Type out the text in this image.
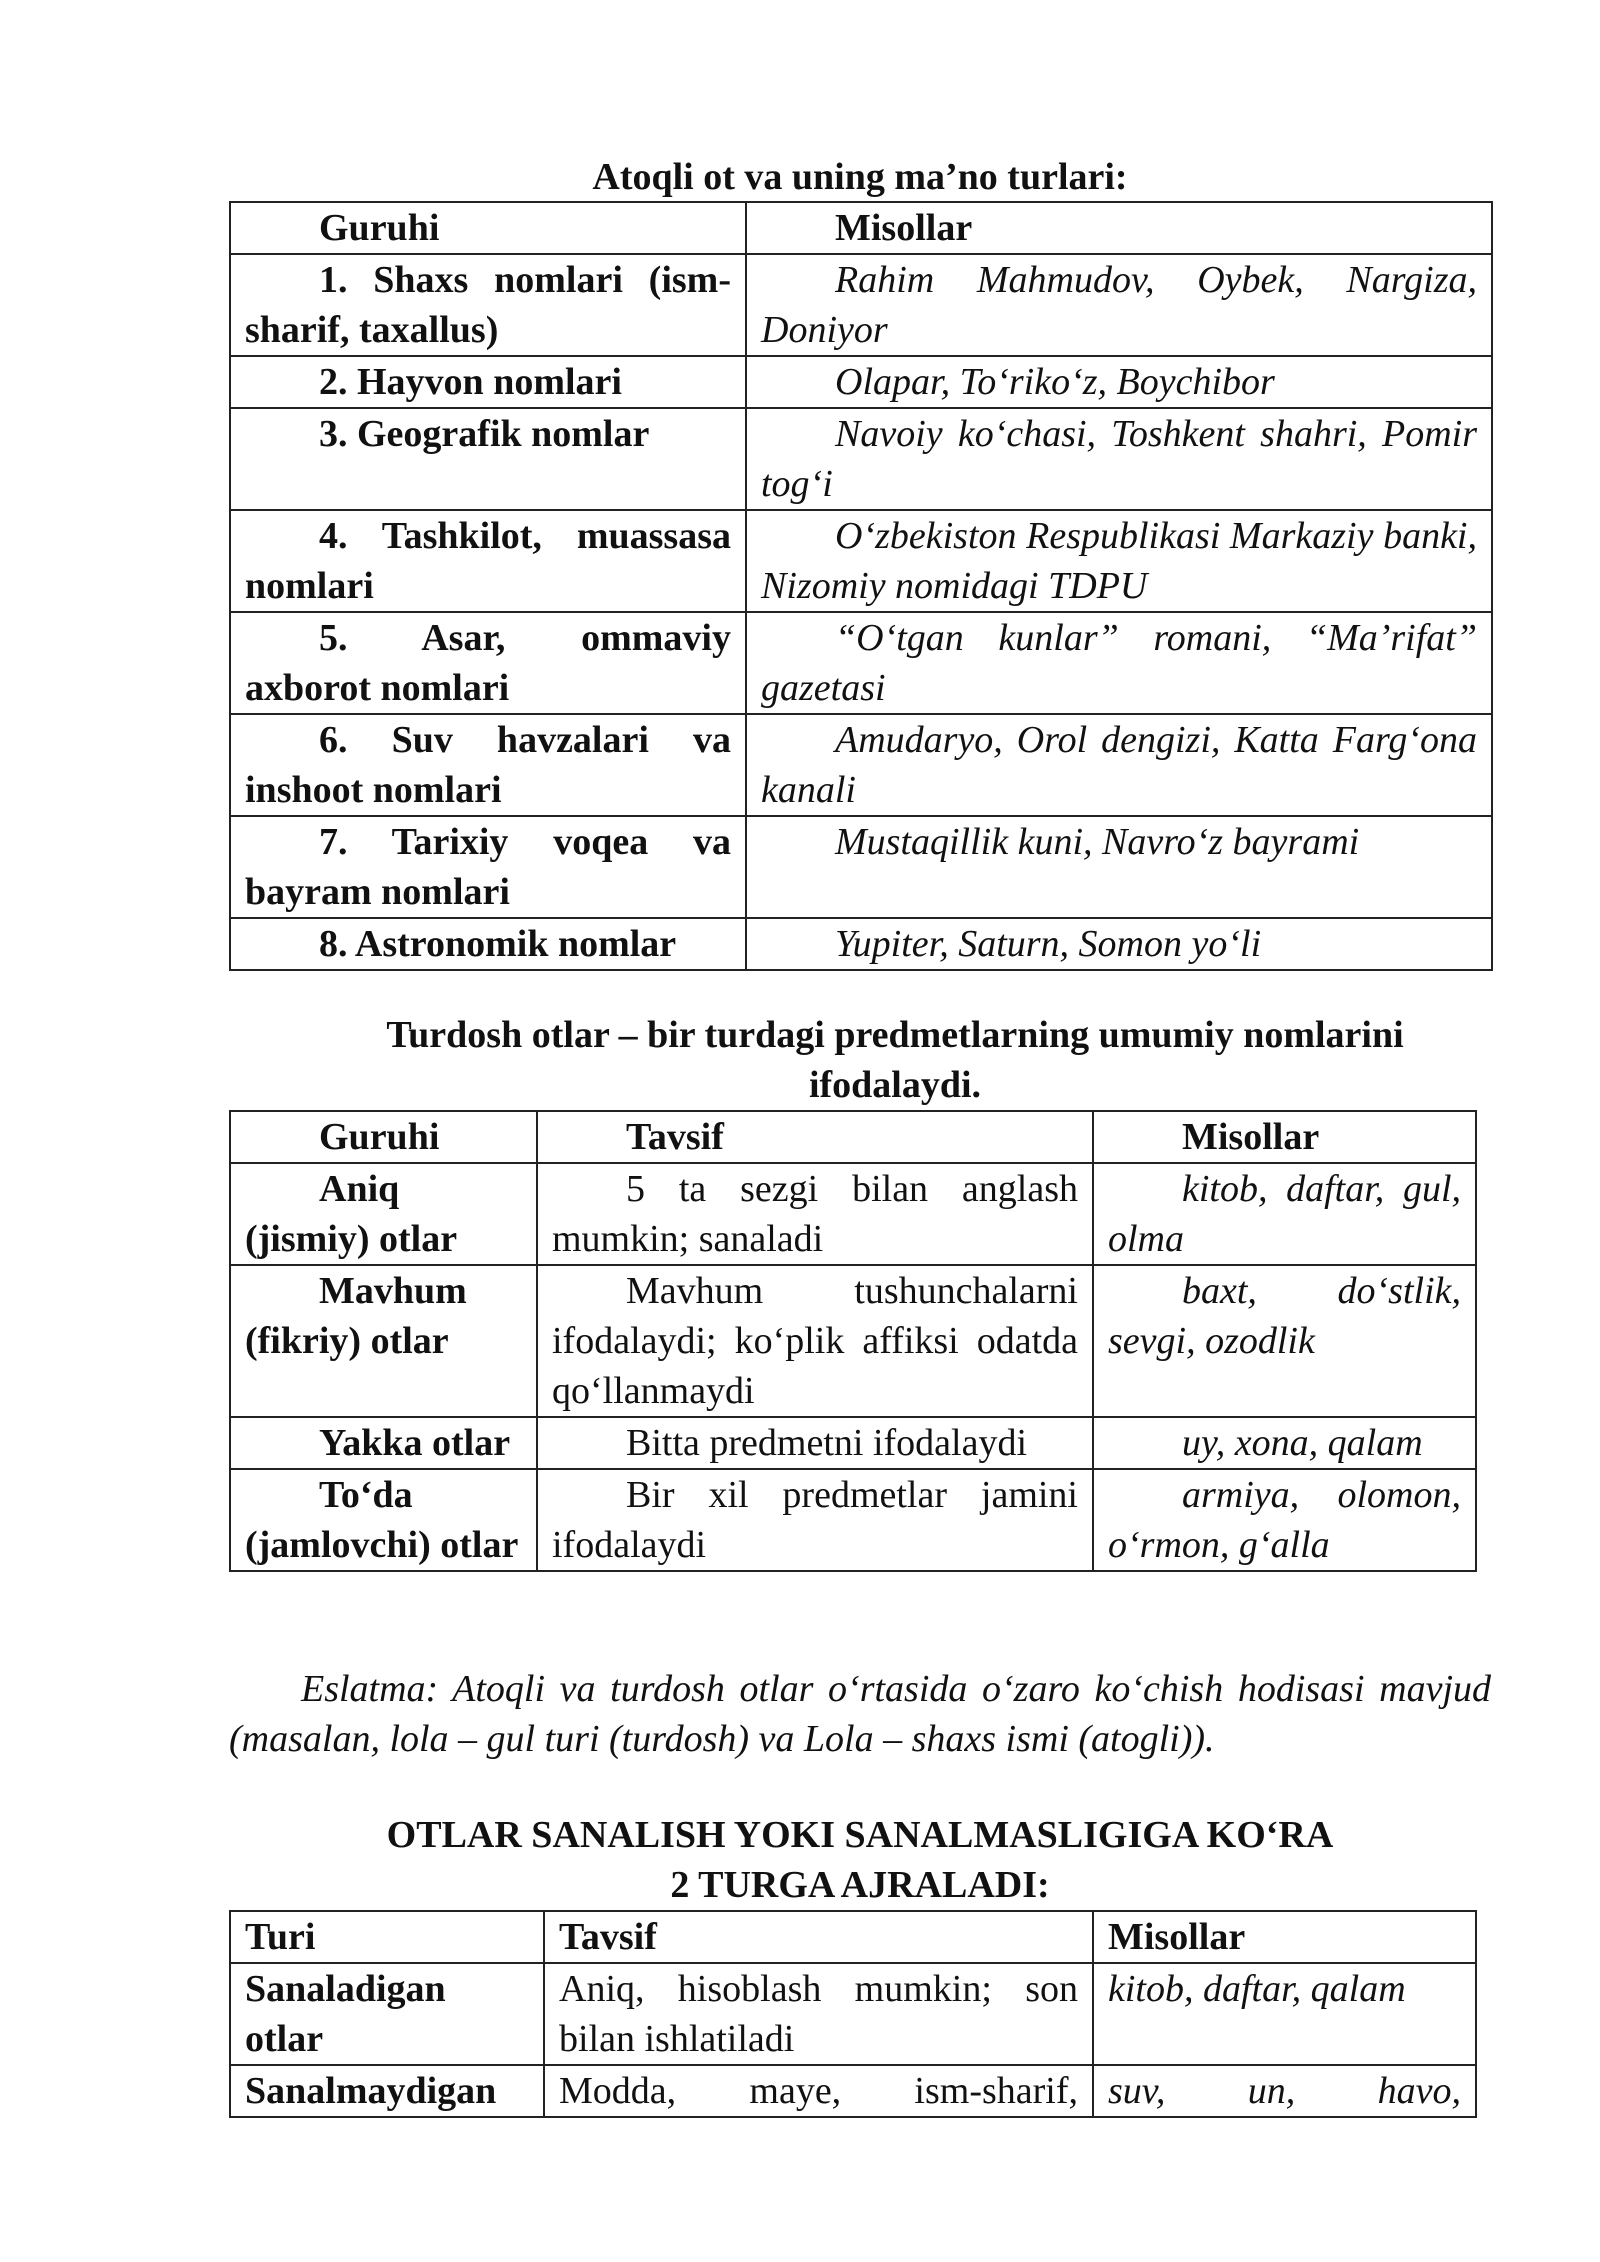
Atoqli ot va uning ma’no turlari:
Guruhi	Misollar
1. Shaxs nomlari (ism-sharif, taxallus)	Rahim Mahmudov, Oybek, Nargiza, Doniyor
2. Hayvon nomlari	Olapar, To‘riko‘z, Boychibor
3. Geografik nomlar	Navoiy ko‘chasi, Toshkent shahri, Pomir tog‘i
4. Tashkilot, muassasa nomlari	O‘zbekiston Respublikasi Markaziy banki, Nizomiy nomidagi TDPU
5. Asar, ommaviy axborot nomlari	“O‘tgan kunlar” romani, “Ma’rifat” gazetasi
6. Suv havzalari va inshoot nomlari	Amudaryo, Orol dengizi, Katta Farg‘ona kanali
7. Tarixiy voqea va bayram nomlari	Mustaqillik kuni, Navro‘z bayrami
8. Astronomik nomlar	Yupiter, Saturn, Somon yo‘li
Turdosh otlar – bir turdagi predmetlarning umumiy nomlarini ifodalaydi.
Guruhi	Tavsif	Misollar
Aniq (jismiy) otlar	5 ta sezgi bilan anglash mumkin; sanaladi	kitob, daftar, gul, olma
Mavhum (fikriy) otlar	Mavhum tushunchalarni ifodalaydi; ko‘plik affiksi odatda qo‘llanmaydi	baxt, do‘stlik, sevgi, ozodlik
Yakka otlar	Bitta predmetni ifodalaydi	uy, xona, qalam
To‘da (jamlovchi) otlar	Bir xil predmetlar jamini ifodalaydi	armiya, olomon, o‘rmon, g‘alla
Eslatma: Atoqli va turdosh otlar o‘rtasida o‘zaro ko‘chish hodisasi mavjud (masalan, lola – gul turi (turdosh) va Lola – shaxs ismi (atogli)).
OTLAR SANALISH YOKI SANALMASLIGIGA KO‘RA
2 TURGA AJRALADI:
Turi	Tavsif	Misollar
Sanaladigan otlar	Aniq, hisoblash mumkin; son bilan ishlatiladi	kitob, daftar, qalam
Sanalmaydigan	Modda, maye, ism-sharif,	suv, un, havo,
